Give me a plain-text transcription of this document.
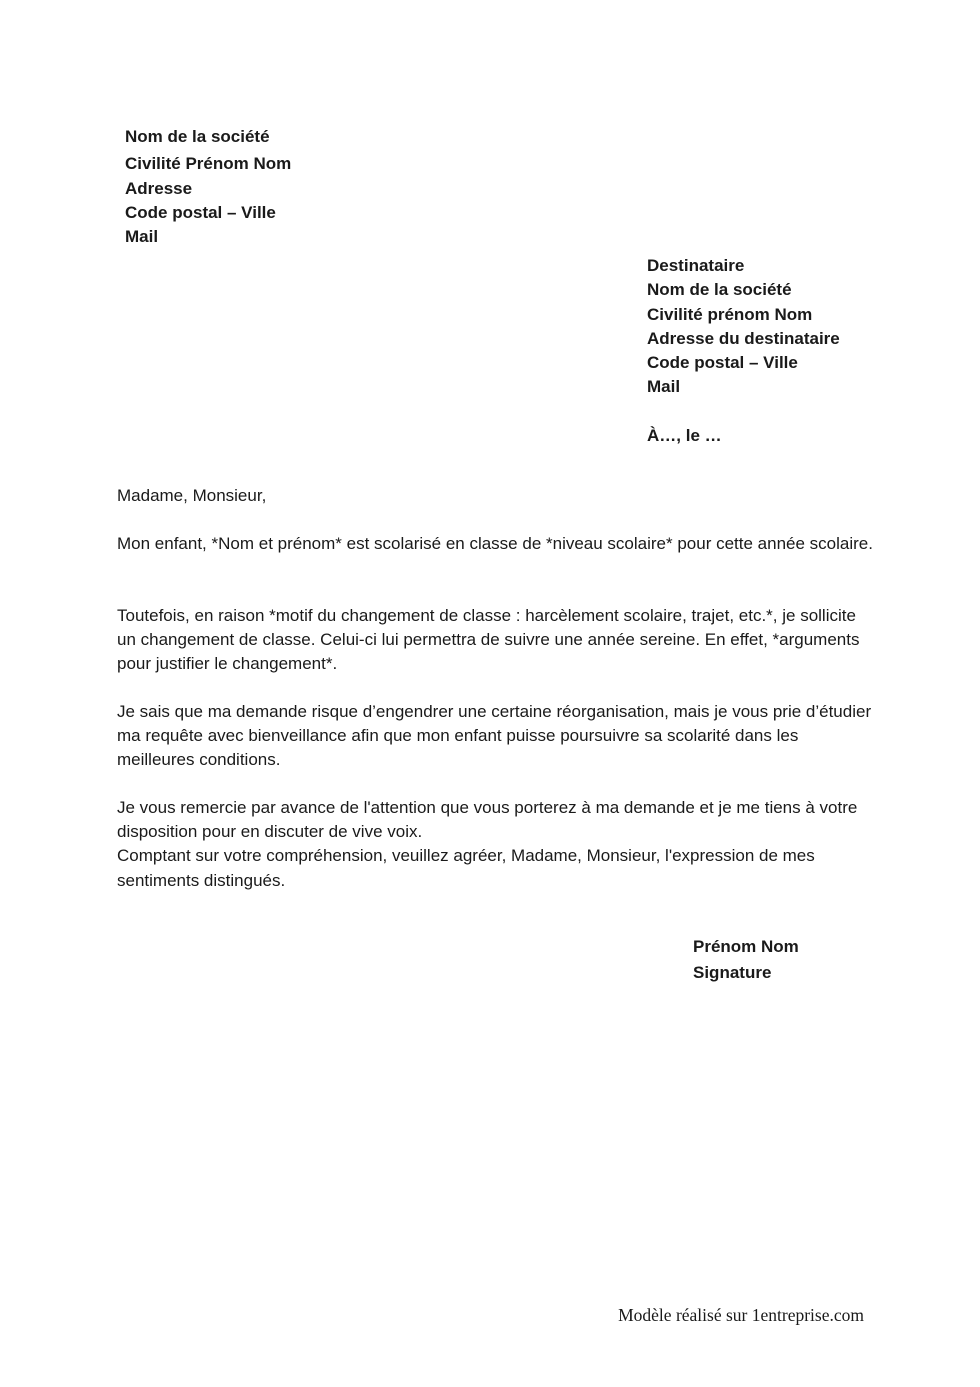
Nom de la société
Civilité Prénom Nom
Adresse
Code postal – Ville
Mail
Destinataire
Nom de la société
Civilité prénom Nom
Adresse du destinataire
Code postal – Ville
Mail
À…, le …

Madame, Monsieur,

Mon enfant, *Nom et prénom* est scolarisé en classe de *niveau scolaire* pour cette année scolaire.

Toutefois, en raison *motif du changement de classe : harcèlement scolaire, trajet, etc.*, je sollicite un changement de classe. Celui-ci lui permettra de suivre une année sereine. En effet, *arguments pour justifier le changement*.

Je sais que ma demande risque d’engendrer une certaine réorganisation, mais je vous prie d’étudier ma requête avec bienveillance afin que mon enfant puisse poursuivre sa scolarité dans les meilleures conditions.

Je vous remercie par avance de l'attention que vous porterez à ma demande et je me tiens à votre disposition pour en discuter de vive voix.

Comptant sur votre compréhension, veuillez agréer, Madame, Monsieur, l'expression de mes sentiments distingués.

Prénom Nom
Signature
Modèle réalisé sur 1entreprise.com
